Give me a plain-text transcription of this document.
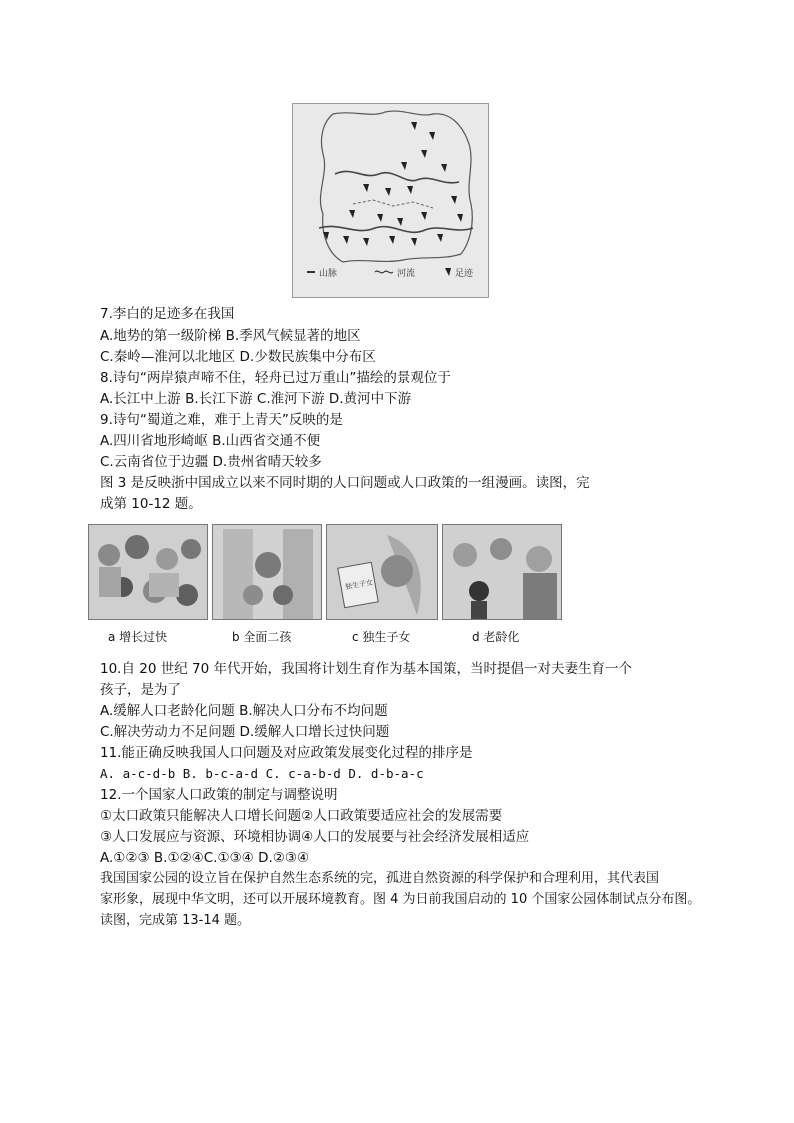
山脉	河流	足迹
7.李白的足迹多在我国
A.地势的第一级阶梯 B.季风气候显著的地区
C.秦岭—淮河以北地区 D.少数民族集中分布区
8.诗句“两岸猿声啼不住，轻舟已过万重山”描绘的景观位于
A.长江中上游 B.长江下游 C.淮河下游 D.黄河中下游
9.诗句“蜀道之难，难于上青天”反映的是
A.四川省地形崎岖 B.山西省交通不便
C.云南省位于边疆 D.贵州省晴天较多
图 3 是反映浙中国成立以来不同时期的人口问题或人口政策的一组漫画。读图，完
成第 10-12 题。
独生子女
a 增长过快	b 全面二孩	c 独生子女	d 老龄化
10.自 20 世纪 70 年代开始，我国将计划生育作为基本国策，当时提倡一对夫妻生育一个
孩子，是为了
A.缓解人口老龄化问题 B.解决人口分布不均问题
C.解决劳动力不足问题 D.缓解人口增长过快问题
11.能正确反映我国人口问题及对应政策发展变化过程的排序是
A. a-c-d-b B. b-c-a-d C. c-a-b-d D. d-b-a-c
12.一个国家人口政策的制定与调整说明
①太口政策只能解决人口增长问题②人口政策要适应社会的发展需要
③人口发展应与资源、环境相协调④人口的发展要与社会经济发展相适应
A.①②③ B.①②④C.①③④ D.②③④
我国国家公园的设立旨在保护自然生态系统的完，孤进自然资源的科学保护和合理利用，其代表国
家形象，展现中华文明，还可以开展环境教育。图 4 为日前我国启动的 10 个国家公园体制试点分布图。
读图，完成第 13-14 题。
